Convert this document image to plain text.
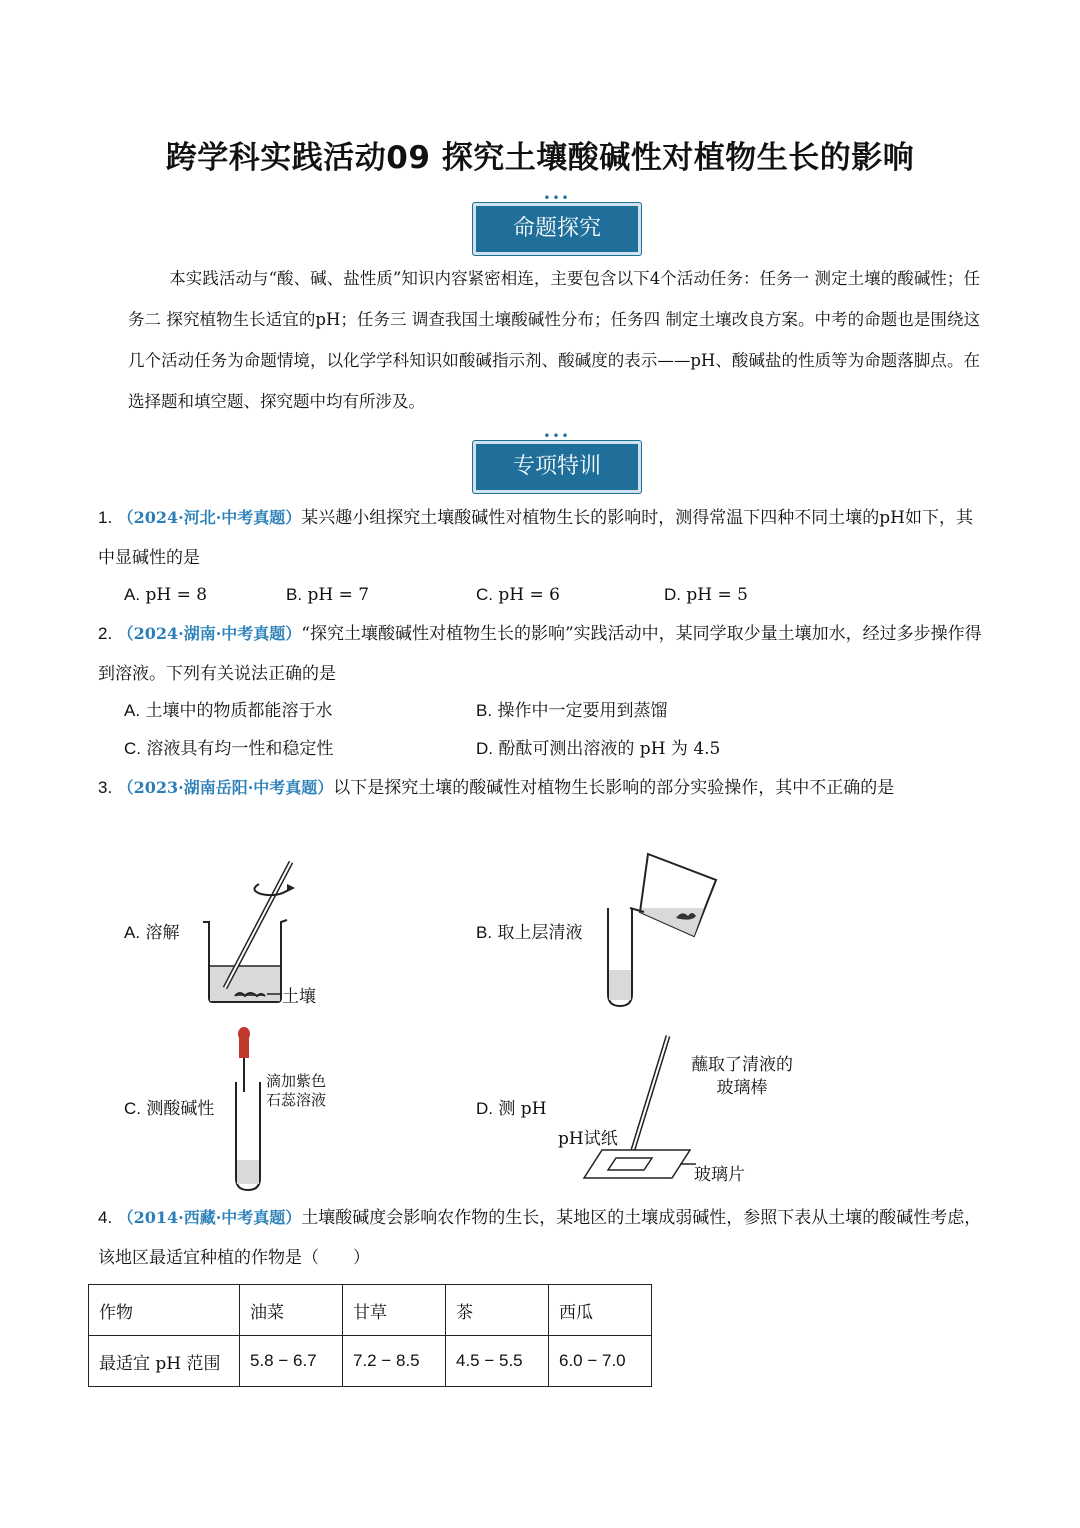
跨学科实践活动09 探究土壤酸碱性对植物生长的影响
•••
命题探究

本实践活动与“酸、碱、盐性质”知识内容紧密相连，主要包含以下4个活动任务：任务一 测定土壤的酸碱性；任务二 探究植物生长适宜的pH；任务三 调查我国土壤酸碱性分布；任务四 制定土壤改良方案。中考的命题也是围绕这几个活动任务为命题情境，以化学学科知识如酸碱指示剂、酸碱度的表示——pH、酸碱盐的性质等为命题落脚点。在选择题和填空题、探究题中均有所涉及。

•••
专项特训
1. （2024·河北·中考真题）某兴趣小组探究土壤酸碱性对植物生长的影响时，测得常温下四种不同土壤的pH如下，其中显碱性的是
A. pH = 8	B. pH = 7	C. pH = 6	D. pH = 5
2. （2024·湖南·中考真题）“探究土壤酸碱性对植物生长的影响”实践活动中，某同学取少量土壤加水，经过多步操作得到溶液。下列有关说法正确的是
A. 土壤中的物质都能溶于水	B. 操作中一定要用到蒸馏
C. 溶液具有均一性和稳定性	D. 酚酞可测出溶液的 pH 为 4.5
3. （2023·湖南岳阳·中考真题）以下是探究土壤的酸碱性对植物生长影响的部分实验操作，其中不正确的是
A. 溶解
土壤
B. 取上层清液
C. 测酸碱性
滴加紫色石蕊溶液	D. 测 pH
蘸取了清液的玻璃棒
pH试纸
玻璃片
4. （2014·西藏·中考真题）土壤酸碱度会影响农作物的生长，某地区的土壤成弱碱性，参照下表从土壤的酸碱性考虑，该地区最适宜种植的作物是（　　）
作物	油菜	甘草	茶	西瓜
最适宜 pH 范围	5.8 − 6.7	7.2 − 8.5	4.5 − 5.5	6.0 − 7.0
